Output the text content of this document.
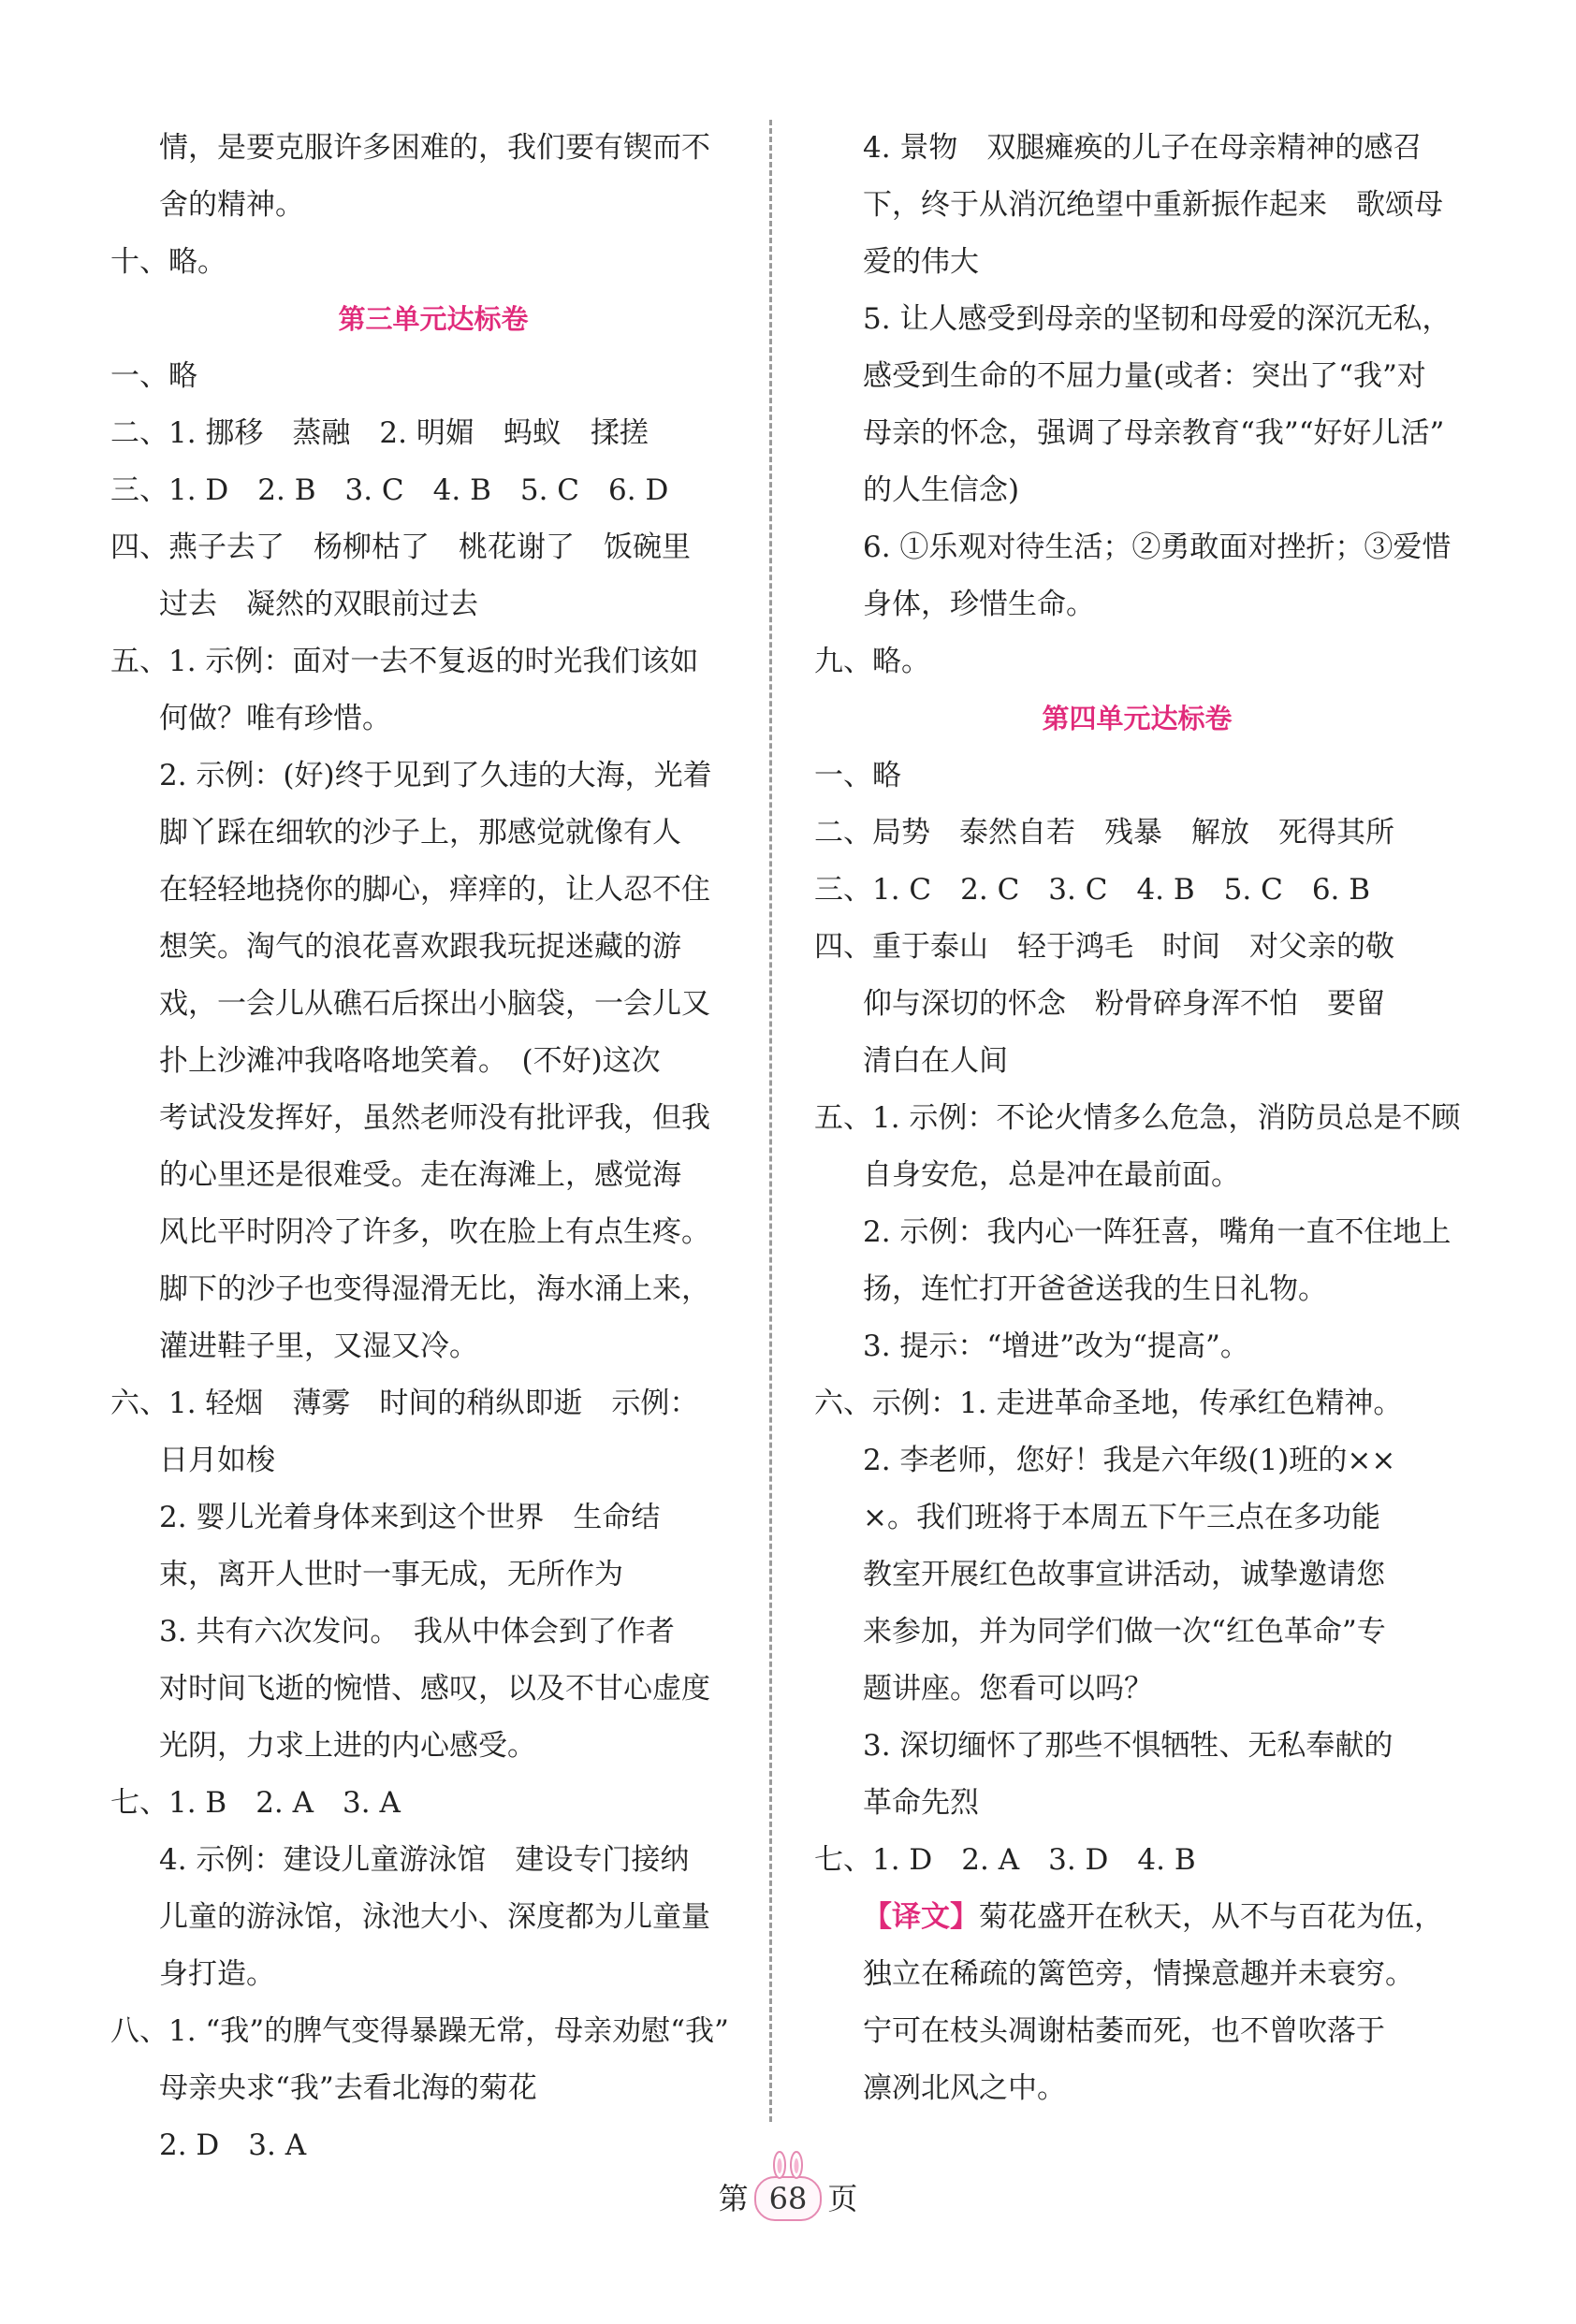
情，是要克服许多困难的，我们要有锲而不
舍的精神。
十、略。
第三单元达标卷
一、略
二、1. 挪移　蒸融　2. 明媚　蚂蚁　揉搓
三、1. D　2. B　3. C　4. B　5. C　6. D
四、燕子去了　杨柳枯了　桃花谢了　饭碗里
过去　凝然的双眼前过去
五、1. 示例：面对一去不复返的时光我们该如
何做？唯有珍惜。
2. 示例：(好)终于见到了久违的大海，光着
脚丫踩在细软的沙子上，那感觉就像有人
在轻轻地挠你的脚心，痒痒的，让人忍不住
想笑。淘气的浪花喜欢跟我玩捉迷藏的游
戏，一会儿从礁石后探出小脑袋，一会儿又
扑上沙滩冲我咯咯地笑着。　(不好)这次
考试没发挥好，虽然老师没有批评我，但我
的心里还是很难受。走在海滩上，感觉海
风比平时阴冷了许多，吹在脸上有点生疼。
脚下的沙子也变得湿滑无比，海水涌上来，
灌进鞋子里，又湿又冷。
六、1. 轻烟　薄雾　时间的稍纵即逝　示例：
日月如梭
2. 婴儿光着身体来到这个世界　生命结
束，离开人世时一事无成，无所作为
3. 共有六次发问。　我从中体会到了作者
对时间飞逝的惋惜、感叹，以及不甘心虚度
光阴，力求上进的内心感受。
七、1. B　2. A　3. A
4. 示例：建设儿童游泳馆　建设专门接纳
儿童的游泳馆，泳池大小、深度都为儿童量
身打造。
八、1. “我”的脾气变得暴躁无常，母亲劝慰“我”
母亲央求“我”去看北海的菊花
2. D　3. A
4. 景物　双腿瘫痪的儿子在母亲精神的感召
下，终于从消沉绝望中重新振作起来　歌颂母
爱的伟大
5. 让人感受到母亲的坚韧和母爱的深沉无私，
感受到生命的不屈力量(或者：突出了“我”对
母亲的怀念，强调了母亲教育“我”“好好儿活”
的人生信念)
6. ①乐观对待生活；②勇敢面对挫折；③爱惜
身体，珍惜生命。
九、略。
第四单元达标卷
一、略
二、局势　泰然自若　残暴　解放　死得其所
三、1. C　2. C　3. C　4. B　5. C　6. B
四、重于泰山　轻于鸿毛　时间　对父亲的敬
仰与深切的怀念　粉骨碎身浑不怕　要留
清白在人间
五、1. 示例：不论火情多么危急，消防员总是不顾
自身安危，总是冲在最前面。
2. 示例：我内心一阵狂喜，嘴角一直不住地上
扬，连忙打开爸爸送我的生日礼物。
3. 提示：“增进”改为“提高”。
六、示例：1. 走进革命圣地，传承红色精神。
2. 李老师，您好！我是六年级(1)班的××
×。我们班将于本周五下午三点在多功能
教室开展红色故事宣讲活动，诚挚邀请您
来参加，并为同学们做一次“红色革命”专
题讲座。您看可以吗？
3. 深切缅怀了那些不惧牺牲、无私奉献的
革命先烈
七、1. D　2. A　3. D　4. B
【译文】菊花盛开在秋天，从不与百花为伍，
独立在稀疏的篱笆旁，情操意趣并未衰穷。
宁可在枝头凋谢枯萎而死，也不曾吹落于
凛冽北风之中。
第 68 页
